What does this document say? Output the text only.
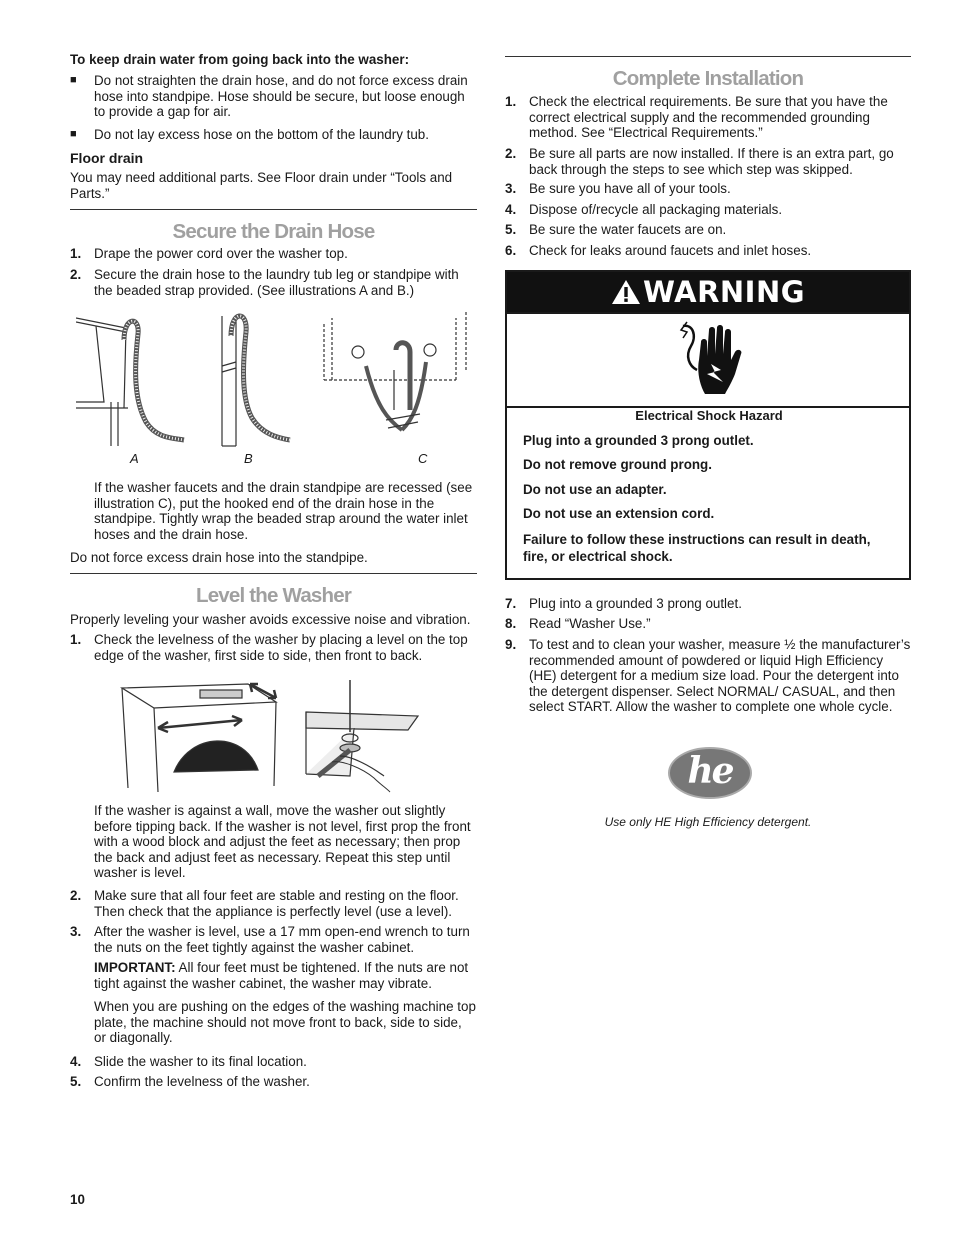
To keep drain water from going back into the washer:

■	Do not straighten the drain hose, and do not force excess drain hose into standpipe. Hose should be secure, but loose enough to provide a gap for air.

■	Do not lay excess hose on the bottom of the laundry tub.

Floor drain

You may need additional parts. See Floor drain under “Tools and Parts.”

Secure the Drain Hose
1. Drape the power cord over the washer top.

2. Secure the drain hose to the laundry tub leg or standpipe with the beaded strap provided. (See illustrations A and B.)

A	B	C

If the washer faucets and the drain standpipe are recessed (see illustration C), put the hooked end of the drain hose in the standpipe. Tightly wrap the beaded strap around the water inlet hoses and the drain hose.

Do not force excess drain hose into the standpipe.

Level the Washer

Properly leveling your washer avoids excessive noise and vibration.

1. Check the levelness of the washer by placing a level on the top edge of the washer, first side to side, then front to back.

If the washer is against a wall, move the washer out slightly before tipping back. If the washer is not level, first prop the front with a wood block and adjust the feet as necessary; then prop the back and adjust feet as necessary. Repeat this step until washer is level.

2. Make sure that all four feet are stable and resting on the floor. Then check that the appliance is perfectly level (use a level).

3. After the washer is level, use a 17 mm open-end wrench to turn the nuts on the feet tightly against the washer cabinet.

IMPORTANT: All four feet must be tightened. If the nuts are not tight against the washer cabinet, the washer may vibrate.

When you are pushing on the edges of the washing machine top plate, the machine should not move front to back, side to side, or diagonally.

4. Slide the washer to its final location.

5. Confirm the levelness of the washer.

10

Complete Installation
1. Check the electrical requirements. Be sure that you have the correct electrical supply and the recommended grounding method. See “Electrical Requirements.”

2. Be sure all parts are now installed. If there is an extra part, go back through the steps to see which step was skipped.

3. Be sure you have all of your tools.

4. Dispose of/recycle all packaging materials.

5. Be sure the water faucets are on.

6. Check for leaks around faucets and inlet hoses.

WARNING

Electrical Shock Hazard

Plug into a grounded 3 prong outlet.

Do not remove ground prong.

Do not use an adapter.

Do not use an extension cord.

Failure to follow these instructions can result in death, fire, or electrical shock.

7. Plug into a grounded 3 prong outlet.

8. Read “Washer Use.”

9. To test and to clean your washer, measure ½ the manufacturer’s recommended amount of powdered or liquid High Efficiency (HE) detergent for a medium size load. Pour the detergent into the detergent dispenser. Select NORMAL/ CASUAL, and then select START. Allow the washer to complete one whole cycle.

he

Use only HE High Efficiency detergent.
